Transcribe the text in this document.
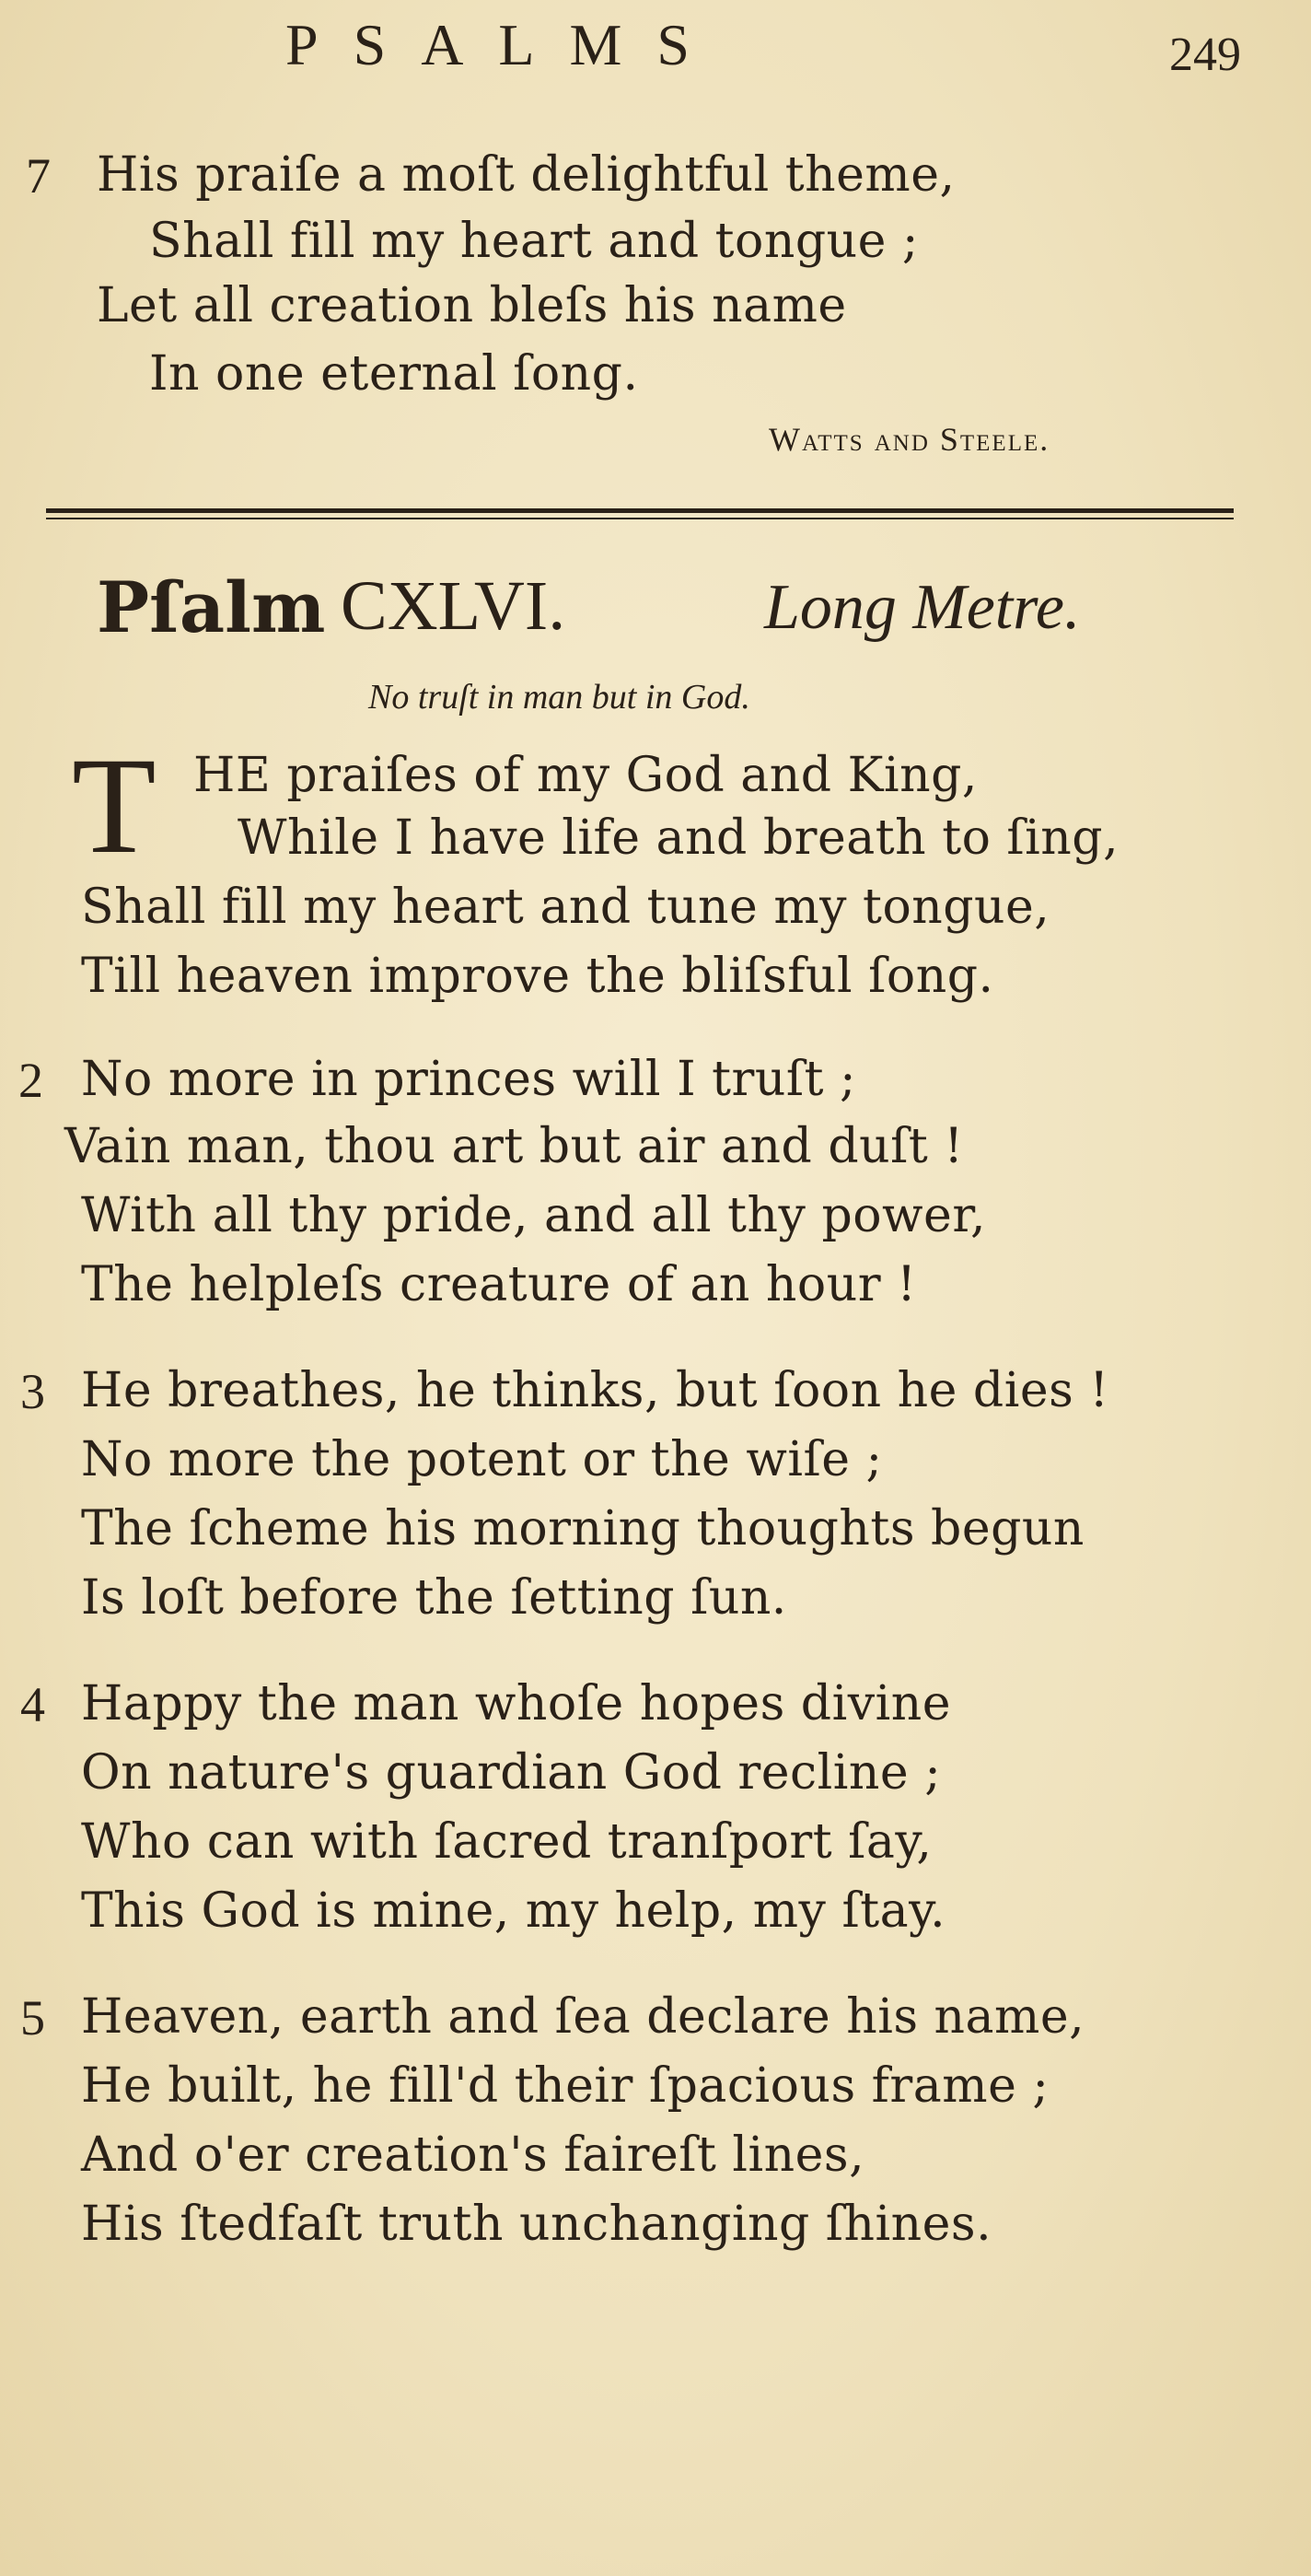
PSALMS	249
7 His praiſe a moſt delightful theme,
Shall fill my heart and tongue ;
Let all creation bleſs his name
In one eternal ſong.
Watts and Steele.
Pſalm CXLVI.	Long Metre.
No truſt in man but in God.
T HE praiſes of my God and King,
While I have life and breath to ſing,
Shall fill my heart and tune my tongue,
Till heaven improve the bliſsful ſong.
2 No more in princes will I truſt ;
Vain man, thou art but air and duſt !
With all thy pride, and all thy power,
The helpleſs creature of an hour !
3 He breathes, he thinks, but ſoon he dies !
No more the potent or the wiſe ;
The ſcheme his morning thoughts begun
Is loſt before the ſetting ſun.
4 Happy the man whoſe hopes divine
On nature's guardian God recline ;
Who can with ſacred tranſport ſay,
This God is mine, my help, my ſtay.
5 Heaven, earth and ſea declare his name,
He built, he fill'd their ſpacious frame ;
And o'er creation's faireſt lines,
His ſtedfaſt truth unchanging ſhines.
